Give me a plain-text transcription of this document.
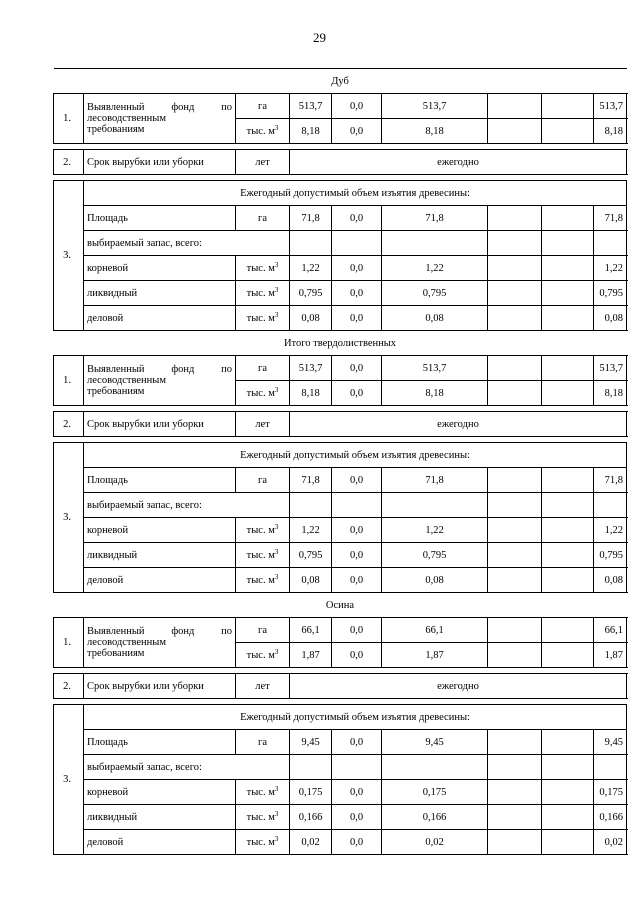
29
Дуб								
1.	Выявленный фонд по
лесоводственным
требованиям	га	513,7	0,0	513,7			513,7
		тыс. $м^3$	8,18	0,0	8,18			8,18

2.	Срок вырубки или уборки	лет	ежегодно					

3.	Ежегодный допустимый объем изъятия древесины:							
	Площадь	га	71,8	0,0	71,8			71,8
	выбираемый запас, всего:							
	корневой	тыс. $м^3$	1,22	0,0	1,22			1,22
	ликвидный	тыс. $м^3$	0,795	0,0	0,795			0,795
	деловой	тыс. $м^3$	0,08	0,0	0,08			0,08
Итого твердолиственных								
1.	Выявленный фонд по
лесоводственным
требованиям	га	513,7	0,0	513,7			513,7
		тыс. $м^3$	8,18	0,0	8,18			8,18

2.	Срок вырубки или уборки	лет	ежегодно					

3.	Ежегодный допустимый объем изъятия древесины:							
	Площадь	га	71,8	0,0	71,8			71,8
	выбираемый запас, всего:							
	корневой	тыс. $м^3$	1,22	0,0	1,22			1,22
	ликвидный	тыс. $м^3$	0,795	0,0	0,795			0,795
	деловой	тыс. $м^3$	0,08	0,0	0,08			0,08
Осина								
1.	Выявленный фонд по
лесоводственным
требованиям	га	66,1	0,0	66,1			66,1
		тыс. $м^3$	1,87	0,0	1,87			1,87

2.	Срок вырубки или уборки	лет	ежегодно					

3.	Ежегодный допустимый объем изъятия древесины:							
	Площадь	га	9,45	0,0	9,45			9,45
	выбираемый запас, всего:							
	корневой	тыс. $м^3$	0,175	0,0	0,175			0,175
	ликвидный	тыс. $м^3$	0,166	0,0	0,166			0,166
	деловой	тыс. $м^3$	0,02	0,0	0,02			0,02
